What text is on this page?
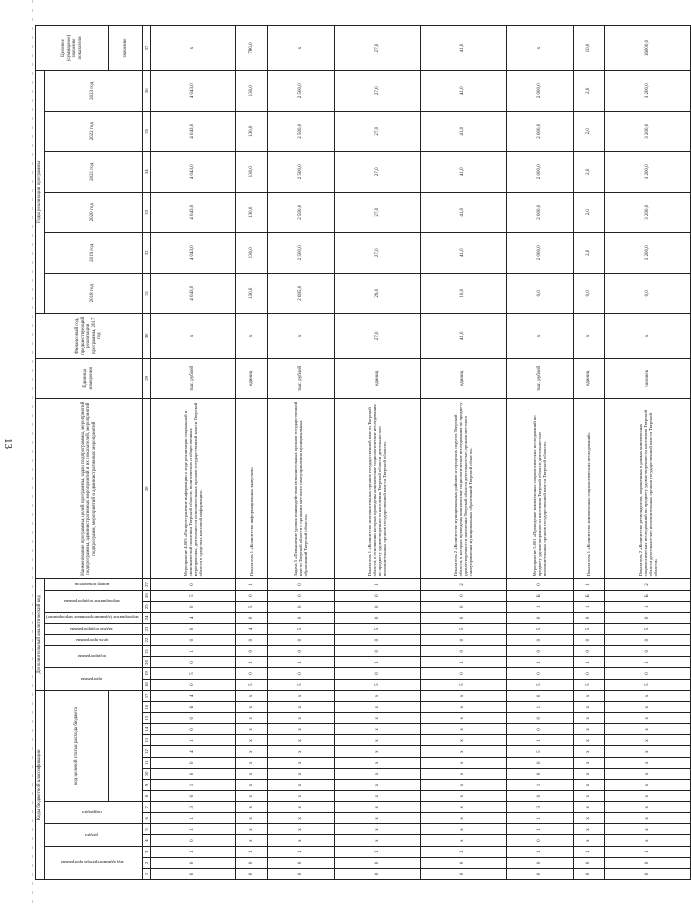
13
Коды бюджетной классификации																	Дополнительный аналитический код										Наименование программы, целей программы, задач подпрограммы, мероприятий подпрограммы, административных мероприятий и их показателей, мероприятий подпрограмм, мероприятий и административных мероприятий	Единица измерения	Финансовый год, предшествующий реализации программы, 2017 год	Годы реализации программы						Целевое (суммарное) значение показателя
код администратора программы			раздел		подраздел		код целевой статьи расхода бюджета										программа		подпрограмма		цель программы	задача подпрограммы	мероприятие (административное мероприятие)	мероприятие подпрограммы		номер показателя				2018 год	2019 год	2020 год	2021 год	2022 год	2023 год	
																																				значение
1	2	3	4	5	6	7	8	9	10	11	12	13	14	15	16	17	18	19	20	21	22	23	24	25	26	27	28	29	30	31	32	33	34	35	36	37
0	0	1	0	1	1	3	0	1	0	0	4	1	0	0	6	4	0	5	0	1	0	0	4	0	5	0	Мероприятие 4.005 «Распространение информации о ходе реализации социальной и экономической политики Тверской области, политических и общественных мероприятиях, деятельности исполнительных органов государственной власти Тверской области в средствах массовой информации»	тыс. рублей	х	4 043,0	4 043,0	4 043,0	4 043,0	4 043,0	4 043,0	х
0	0	1	х	х	х	х	х	х	х	х	х	х	х	х	х	х	5	0	1	0	0	4	0	5	0	1	Показатель 1 «Количество информационных выпусков»	единиц	х	130,0	130,0	130,0	130,0	130,0	130,0	780,0
0	0	1	х	х	х	х	х	х	х	х	х	х	х	х	х	х	5	0	1	0	0	5	0	0	0	0	Задача 5 «Повышение уровня взаимодействия исполнительных органов государственной власти Тверской области с органами местного самоуправления муниципальных образований Тверской области»	тыс. рублей	х	2 695,0	2 500,0	2 500,0	2 500,0	2 500,0	2 500,0	х
0	0	1	х	х	х	х	х	х	х	х	х	х	х	х	х	х	5	0	1	0	0	5	0	0	0	1	Показатель 1 «Количество исполнительных органов государственной власти Тверской области, в отношении которых проведены комплексные социологические исследования по предмету удовлетворенности населения Тверской области деятельностью исполнительных органов государственной власти Тверской области»	единиц	27,0	29,0	27,0	27,0	27,0	27,0	27,0	27,0
0	0	1	х	х	х	х	х	х	х	х	х	х	х	х	х	х	5	0	1	0	0	5	0	0	0	2	Показатель 2 «Количество муниципальных районов и городских округов Тверской области, в которых проведены комплексные социологические исследования по предмету удовлетворенности населения Тверской области деятельностью органов местного самоуправления муниципальных образований Тверской области»	единиц	41,0	10,0	41,0	41,0	41,0	41,0	41,0	41,0
0	0	1	0	1	1	3	0	1	0	0	5	1	0	0	1	0	5	0	1	0	0	5	0	1	Б	0	Мероприятие 5.001 «Проведение комплексных социологических исследований по предмету удовлетворенности населения Тверской области деятельностью исполнительных органов государственной власти Тверской области»	тыс. рублей	х	0,0	2 000,0	2 000,0	2 000,0	2 000,0	2 000,0	х
0	0	1	х	х	х	х	х	х	х	х	х	х	х	х	х	х	5	0	1	0	0	5	0	1	Б	1	Показатель 1 «Количество комплексных социологических исследований»	единиц	х	0,0	2,0	2,0	2,0	2,0	2,0	10,0
0	0	1	х	х	х	х	х	х	х	х	х	х	х	х	х	х	5	0	1	0	0	5	0	1	Б	2	Показатель 2 «Количество респондентов, опрошенных в рамках комплексных социологических исследований по предмету удовлетворенности населения Тверской области деятельностью исполнительных органов государственной власти Тверской области»	человек	х	0,0	3 200,0	3 200,0	3 200,0	3 200,0	3 200,0	16000,0
